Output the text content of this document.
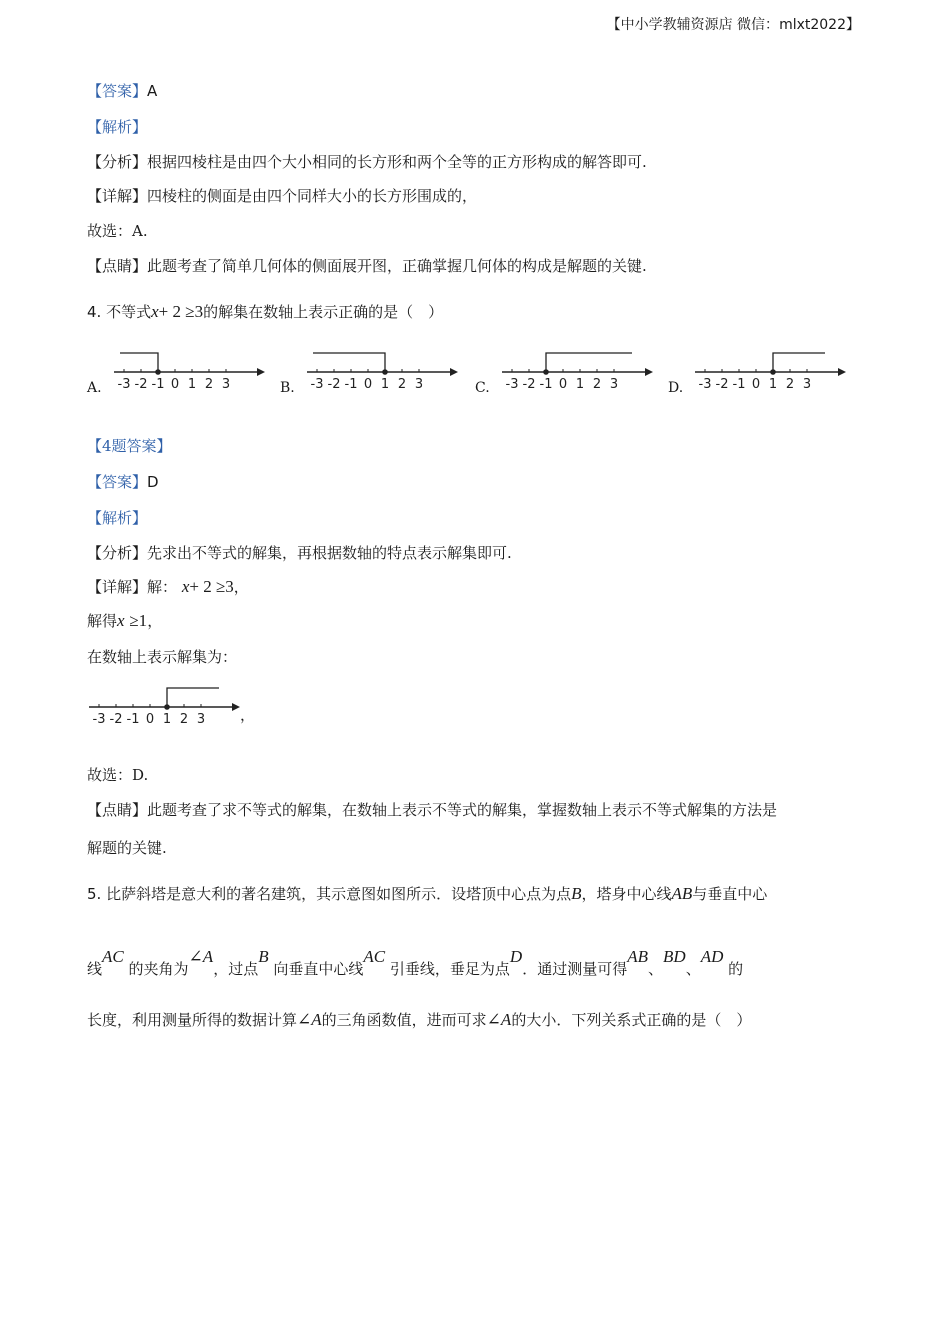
【中小学教辅资源店 微信：mlxt2022】
【答案】A
【解析】
【分析】根据四棱柱是由四个大小相同的长方形和两个全等的正方形构成的解答即可.
【详解】四棱柱的侧面是由四个同样大小的长方形围成的，
故选：A.
【点睛】此题考查了简单几何体的侧面展开图，正确掌握几何体的构成是解题的关键.
4. 不等式x+ 2 ≥3的解集在数轴上表示正确的是（　）
A.	B.	C.	D.
-3 -2 -1 0 1 2 3	-3 -2 -1 0 1 2 3	-3 -2 -1 0 1 2 3	-3 -2 -1 0 1 2 3
【4题答案】
【答案】D
【解析】
【分析】先求出不等式的解集，再根据数轴的特点表示解集即可.
【详解】解： x+ 2 ≥3，
解得x ≥1，
在数轴上表示解集为：
-3 -2 -1 0 1 2 3 ，
故选：D.
【点睛】此题考查了求不等式的解集，在数轴上表示不等式的解集，掌握数轴上表示不等式解集的方法是
解题的关键.
5. 比萨斜塔是意大利的著名建筑，其示意图如图所示．设塔顶中心点为点B，塔身中心线AB与垂直中心
线AC 的夹角为∠A，过点B 向垂直中心线AC 引垂线，垂足为点D．通过测量可得AB、BD、AD 的
长度，利用测量所得的数据计算∠A的三角函数值，进而可求∠A的大小．下列关系式正确的是（　）
